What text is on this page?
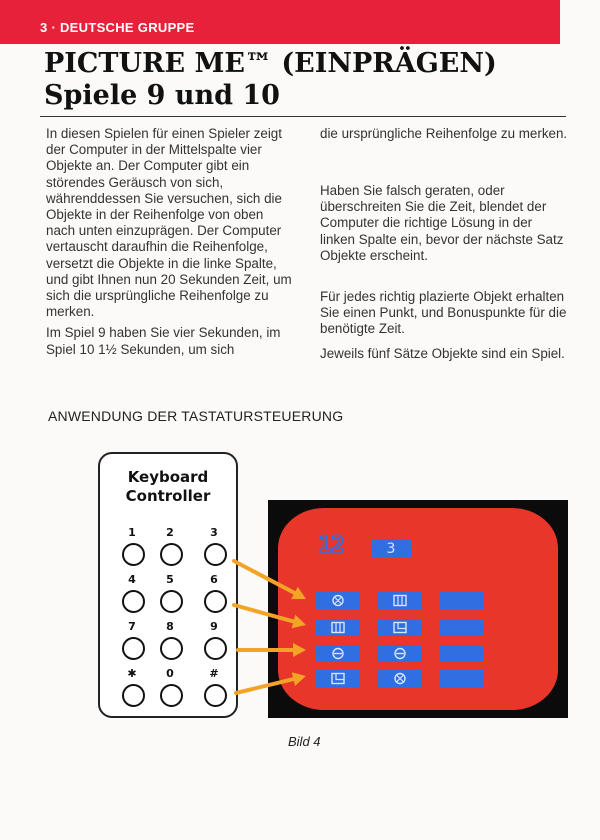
3 · DEUTSCHE GRUPPE
PICTURE ME™ (EINPRÄGEN)
Spiele 9 und 10

In diesen Spielen für einen Spieler zeigt der Computer in der Mittelspalte vier Objekte an. Der Computer gibt ein störendes Geräusch von sich, währenddessen Sie versuchen, sich die Objekte in der Reihenfolge von oben nach unten einzuprägen. Der Computer vertauscht daraufhin die Reihenfolge, versetzt die Objekte in die linke Spalte, und gibt Ihnen nun 20 Sekunden Zeit, um sich die ursprüngliche Reihenfolge zu merken.

Im Spiel 9 haben Sie vier Sekunden, im Spiel 10 1½ Sekunden, um sich

die ursprüngliche Reihenfolge zu merken.

Haben Sie falsch geraten, oder überschreiten Sie die Zeit, blendet der Computer die richtige Lösung in der linken Spalte ein, bevor der nächste Satz Objekte erscheint.

Für jedes richtig plazierte Objekt erhalten Sie einen Punkt, und Bonuspunkte für die benötigte Zeit.

Jeweils fünf Sätze Objekte sind ein Spiel.

ANWENDUNG DER TASTATURSTEUERUNG
Keyboard
Controller
1	2	3
4	5	6
7	8	9
✱	0	#
12	3
Bild 4
